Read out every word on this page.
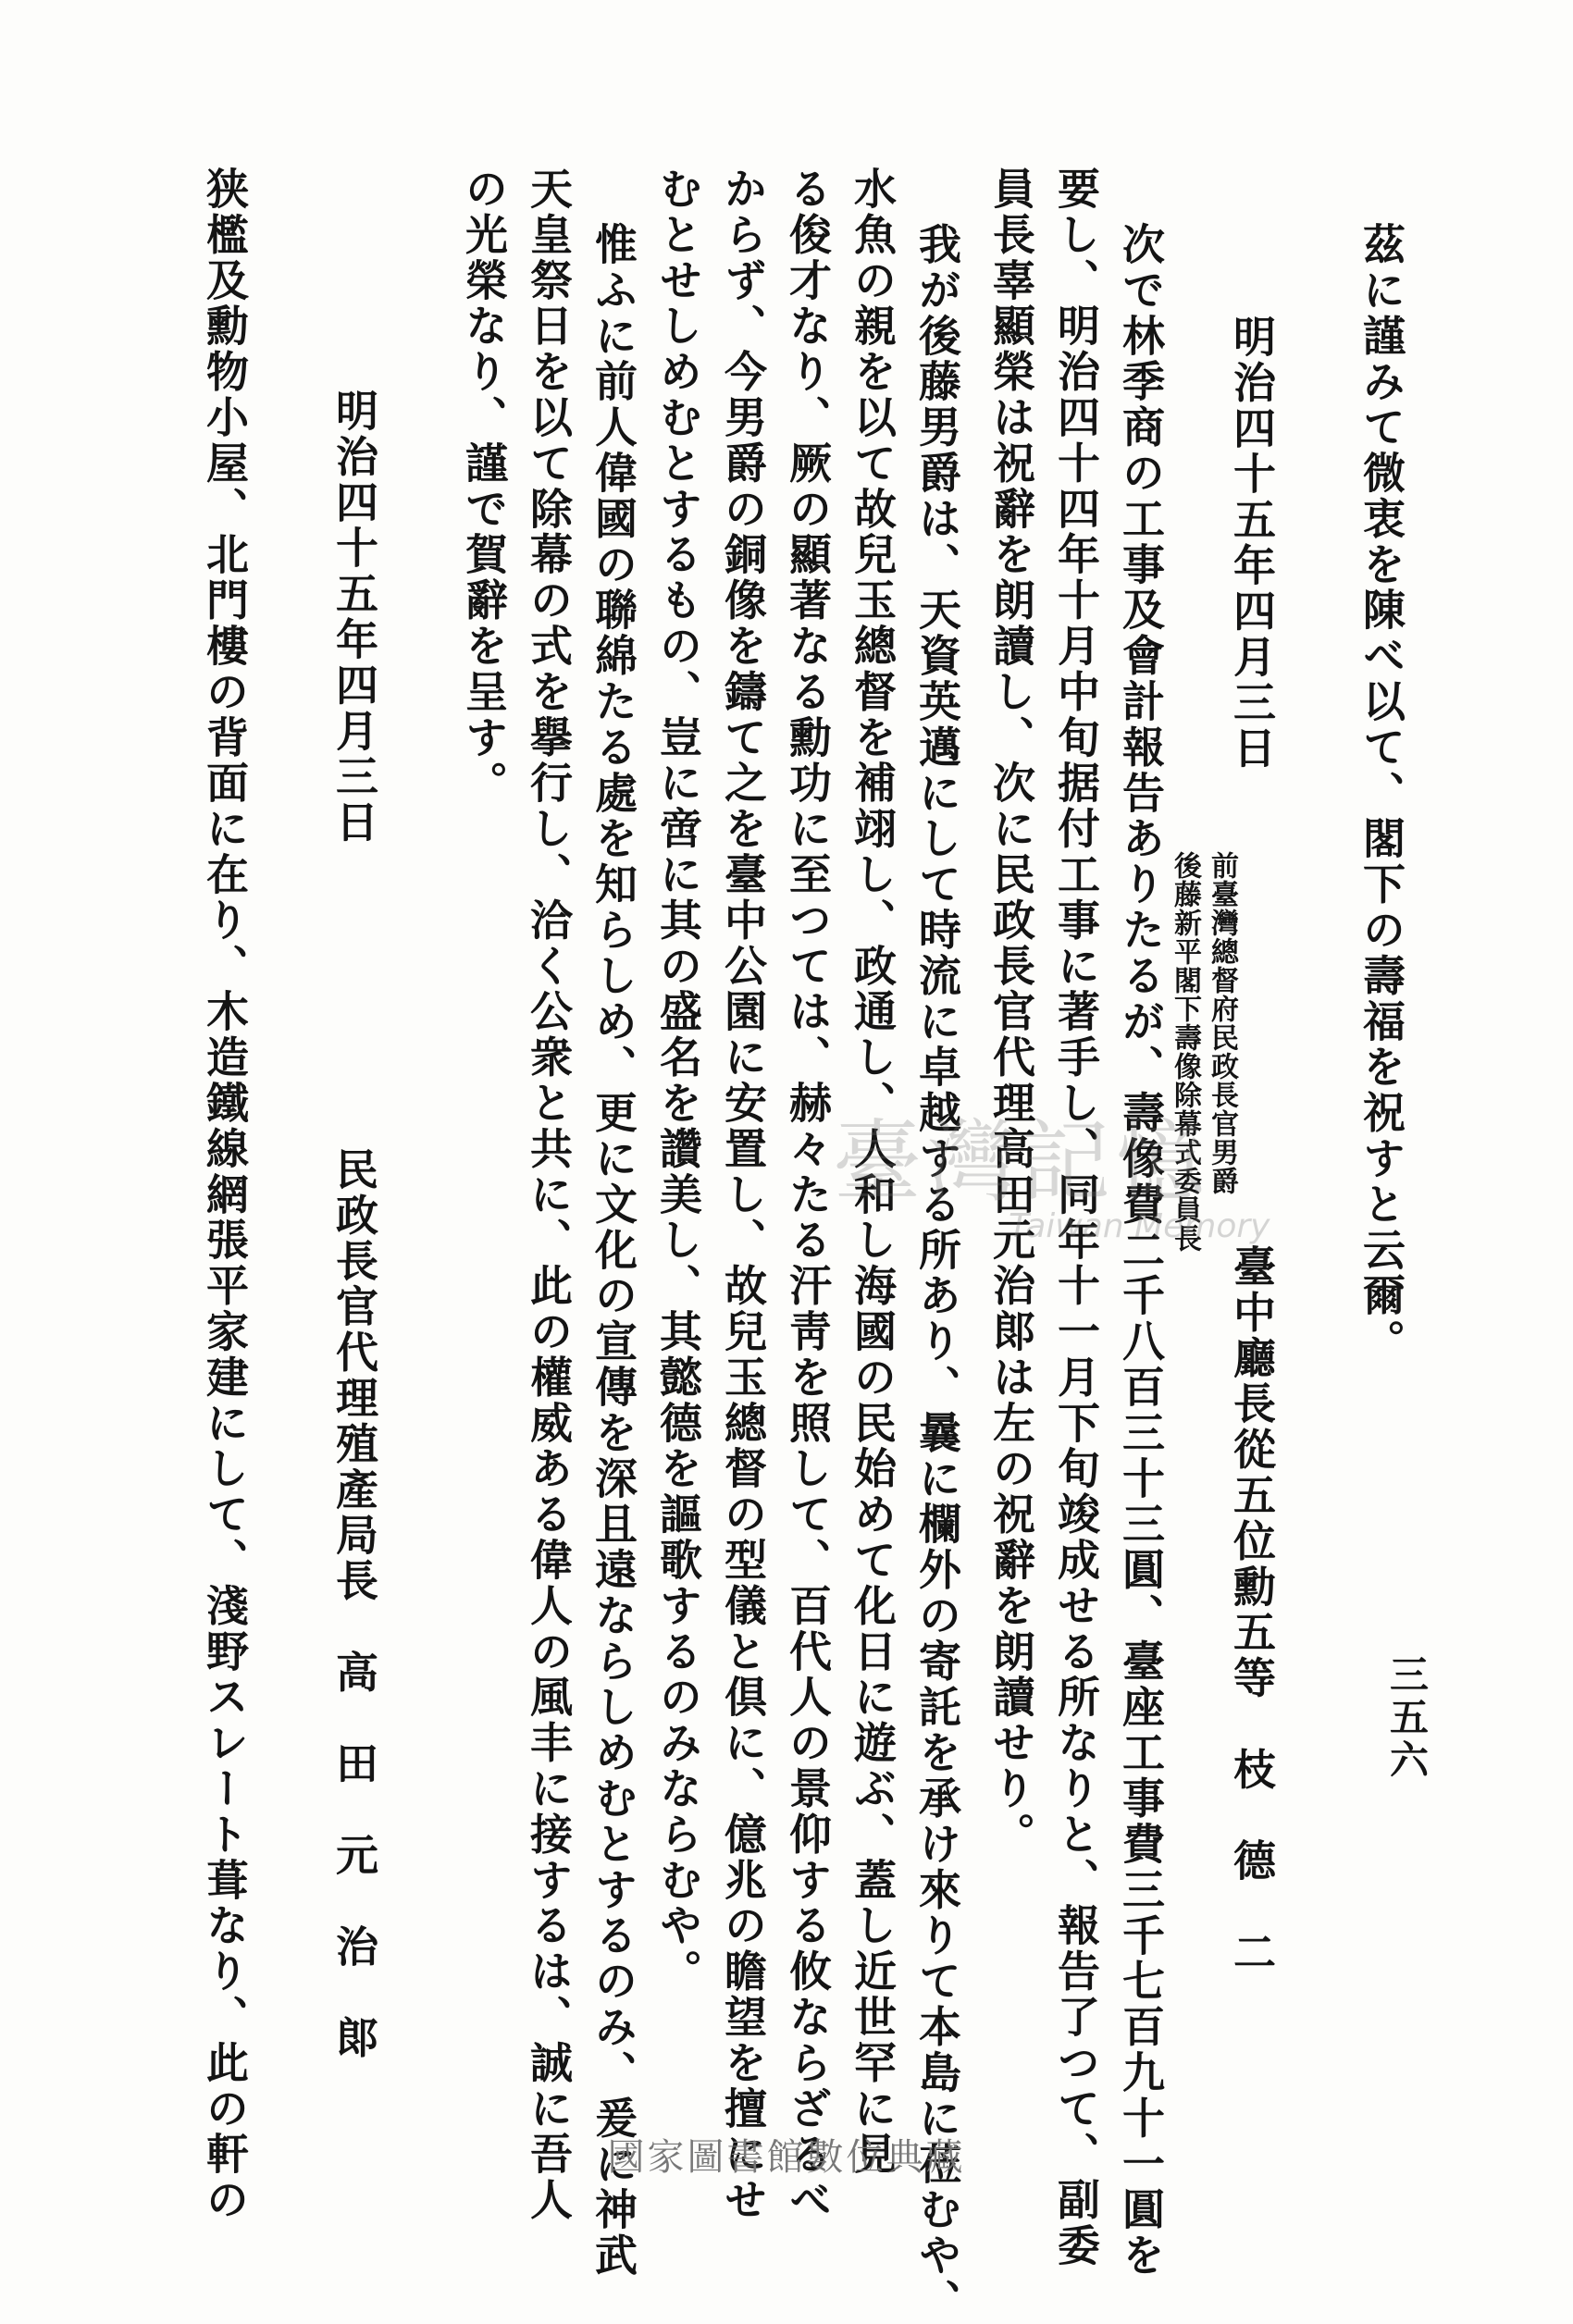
三五六

茲に謹みて微衷を陳べ以て、閣下の壽福を祝すと云爾。

明治四十五年四月三日

前臺灣總督府民政長官男爵

後藤新平閣下壽像除幕式委員長

臺中廳長從五位勳五等　枝　德　二

次で林季商の工事及會計報告ありたるが、壽像費二千八百三十三圓、臺座工事費三千七百九十一圓を

要し、明治四十四年十月中旬据付工事に著手し、同年十一月下旬竣成せる所なりと、報告了つて、副委

員長辜顯榮は祝辭を朗讀し、次に民政長官代理高田元治郞は左の祝辭を朗讀せり。

我が後藤男爵は、天資英邁にして時流に卓越する所あり、曩に欄外の寄託を承け來りて本島に莅むや、

水魚の親を以て故兒玉總督を補翊し、政通し、人和し海國の民始めて化日に遊ぶ、蓋し近世罕に見

る俊才なり、厥の顯著なる勳功に至つては、赫々たる汗靑を照して、百代人の景仰する攸ならざるべ

からず、今男爵の銅像を鑄て之を臺中公園に安置し、故兒玉總督の型儀と倶に、億兆の瞻望を擅にせ

むとせしめむとするもの、豈に啻に其の盛名を讚美し、其懿德を謳歌するのみならむや。

惟ふに前人偉國の聯綿たる處を知らしめ、更に文化の宣傳を深且遠ならしめむとするのみ、爰に神武

天皇祭日を以て除幕の式を擧行し、洽く公衆と共に、此の權威ある偉人の風丰に接するは、誠に吾人

の光榮なり、謹で賀辭を呈す。

明治四十五年四月三日

民政長官代理殖產局長　高　田　元　治　郞

狭檻及勳物小屋、北門樓の背面に在り、木造鐵線網張平家建にして、淺野スレート葺なり、此の軒の	臺灣記憶
Taiwan Memory
國家圖書館數位典藏
